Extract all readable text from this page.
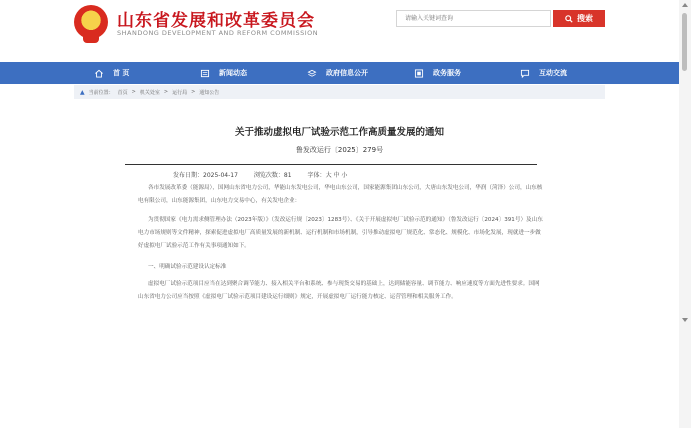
山东省发展和改革委员会
SHANDONG DEVELOPMENT AND REFORM COMMISSION
请输入关键词查询
搜索
首 页	新闻动态	政府信息公开	政务服务	互动交流
▲ 当前位置： 首页 > 机关处室 > 运行局 > 通知公告
关于推动虚拟电厂试验示范工作高质量发展的通知
鲁发改运行〔2025〕279号
发布日期：2025-04-17	浏览次数：81	字体：大 中 小

各市发展改革委（能源局），国网山东省电力公司，华能山东发电公司，华电山东公司，国家能源集团山东公司，大唐山东发电公司，华润（菏泽）公司，山东核电有限公司，山东能源集团，山东电力交易中心，有关发电企业：

为贯彻国家《电力需求侧管理办法（2023年版）》（发改运行规〔2023〕1283号）、《关于开展虚拟电厂试验示范的通知》（鲁发改运行〔2024〕391号）及山东电力市场规则等文件精神，探索促进虚拟电厂高质量发展的新机制、运行机制和市场机制，引导推动虚拟电厂规范化、常态化、规模化、市场化发展，现就进一步做好虚拟电厂试验示范工作有关事项通知如下。

一、明确试验示范建设认定标准

虚拟电厂试验示范项目应当在达到聚合调节能力、接入相关平台和系统、参与现货交易的基础上，达到储能容量、调节能力、响应速度等方面先进性要求。国网山东省电力公司应当按照《虚拟电厂试验示范项目建设运行细则》规定，开展虚拟电厂运行能力核定、运营管理和相关服务工作。
